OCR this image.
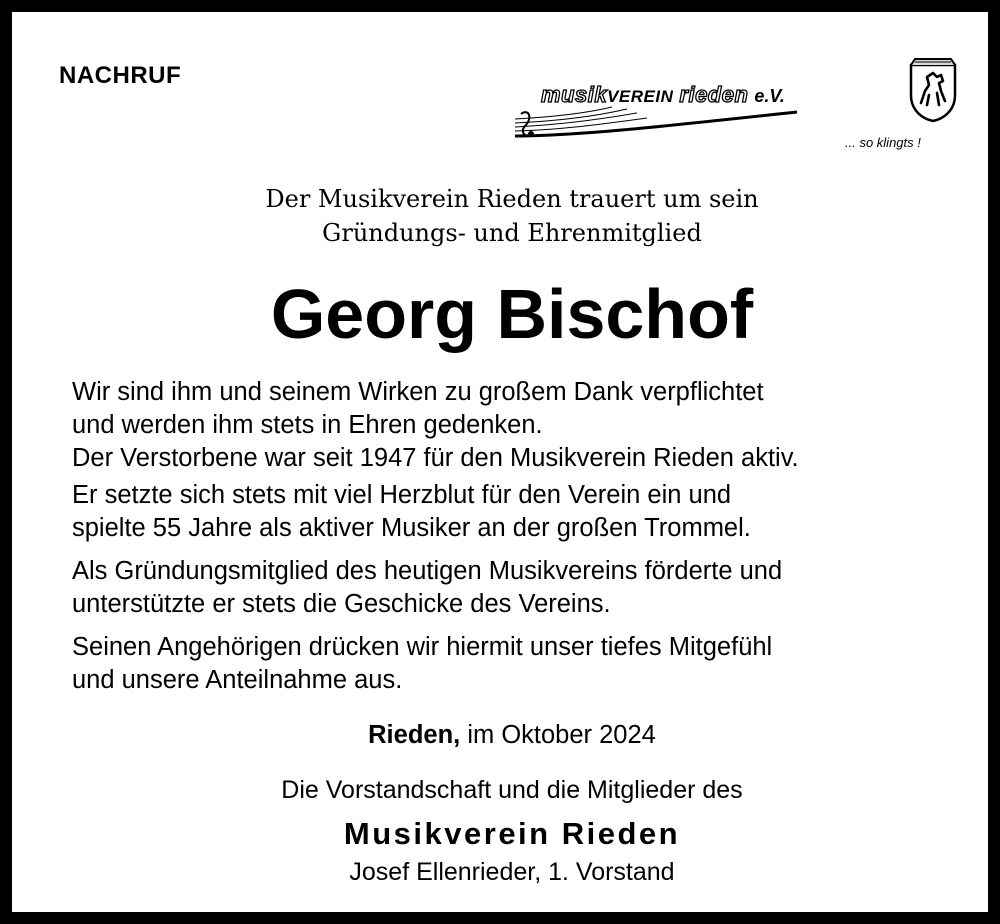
NACHRUF
musikVEREIN rieden e.V.
... so klingts !
Der Musikverein Rieden trauert um sein
Gründungs- und Ehrenmitglied
Georg Bischof
Wir sind ihm und seinem Wirken zu großem Dank verpflichtet
und werden ihm stets in Ehren gedenken.
Der Verstorbene war seit 1947 für den Musikverein Rieden aktiv.
Er setzte sich stets mit viel Herzblut für den Verein ein und
spielte 55 Jahre als aktiver Musiker an der großen Trommel.
Als Gründungsmitglied des heutigen Musikvereins förderte und
unterstützte er stets die Geschicke des Vereins.
Seinen Angehörigen drücken wir hiermit unser tiefes Mitgefühl
und unsere Anteilnahme aus.
Rieden, im Oktober 2024
Die Vorstandschaft und die Mitglieder des
Musikverein Rieden
Josef Ellenrieder, 1. Vorstand
